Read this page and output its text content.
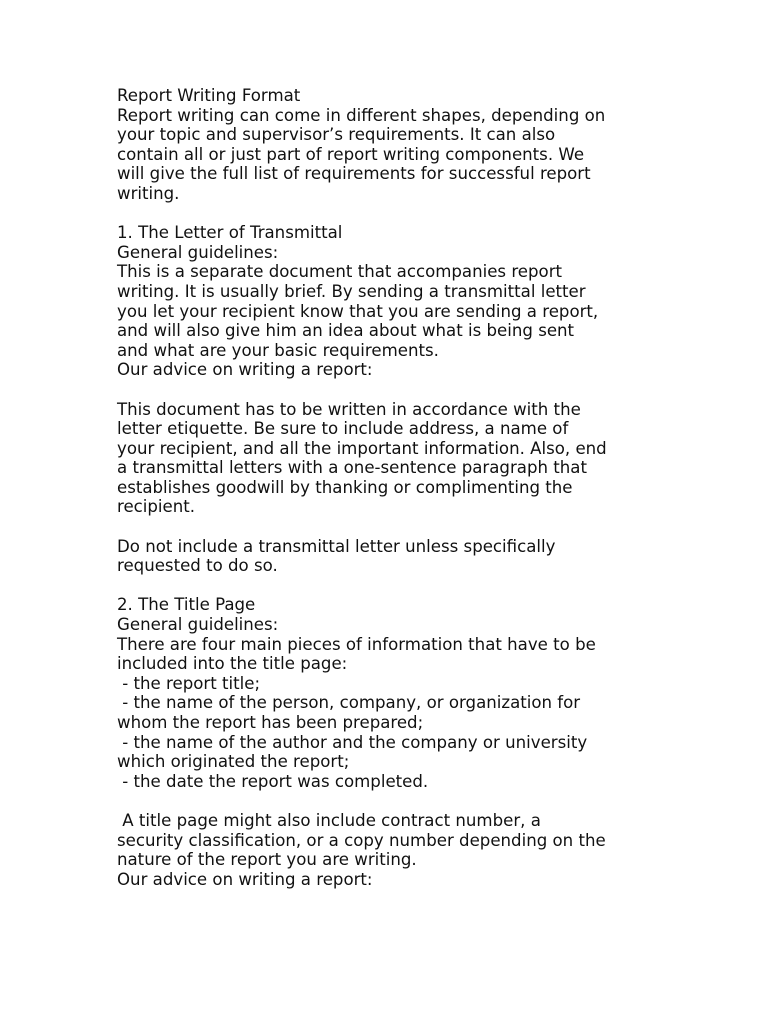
Report Writing Format
Report writing can come in different shapes, depending on
your topic and supervisor’s requirements. It can also
contain all or just part of report writing components. We
will give the full list of requirements for successful report
writing.
1. The Letter of Transmittal
General guidelines:
This is a separate document that accompanies report
writing. It is usually brief. By sending a transmittal letter
you let your recipient know that you are sending a report,
and will also give him an idea about what is being sent
and what are your basic requirements.
Our advice on writing a report:
This document has to be written in accordance with the
letter etiquette. Be sure to include address, a name of
your recipient, and all the important information. Also, end
a transmittal letters with a one-sentence paragraph that
establishes goodwill by thanking or complimenting the
recipient.
Do not include a transmittal letter unless specifically
requested to do so.
2. The Title Page
General guidelines:
There are four main pieces of information that have to be
included into the title page:
- the report title;
- the name of the person, company, or organization for
whom the report has been prepared;
- the name of the author and the company or university
which originated the report;
- the date the report was completed.
A title page might also include contract number, a
security classification, or a copy number depending on the
nature of the report you are writing.
Our advice on writing a report:
